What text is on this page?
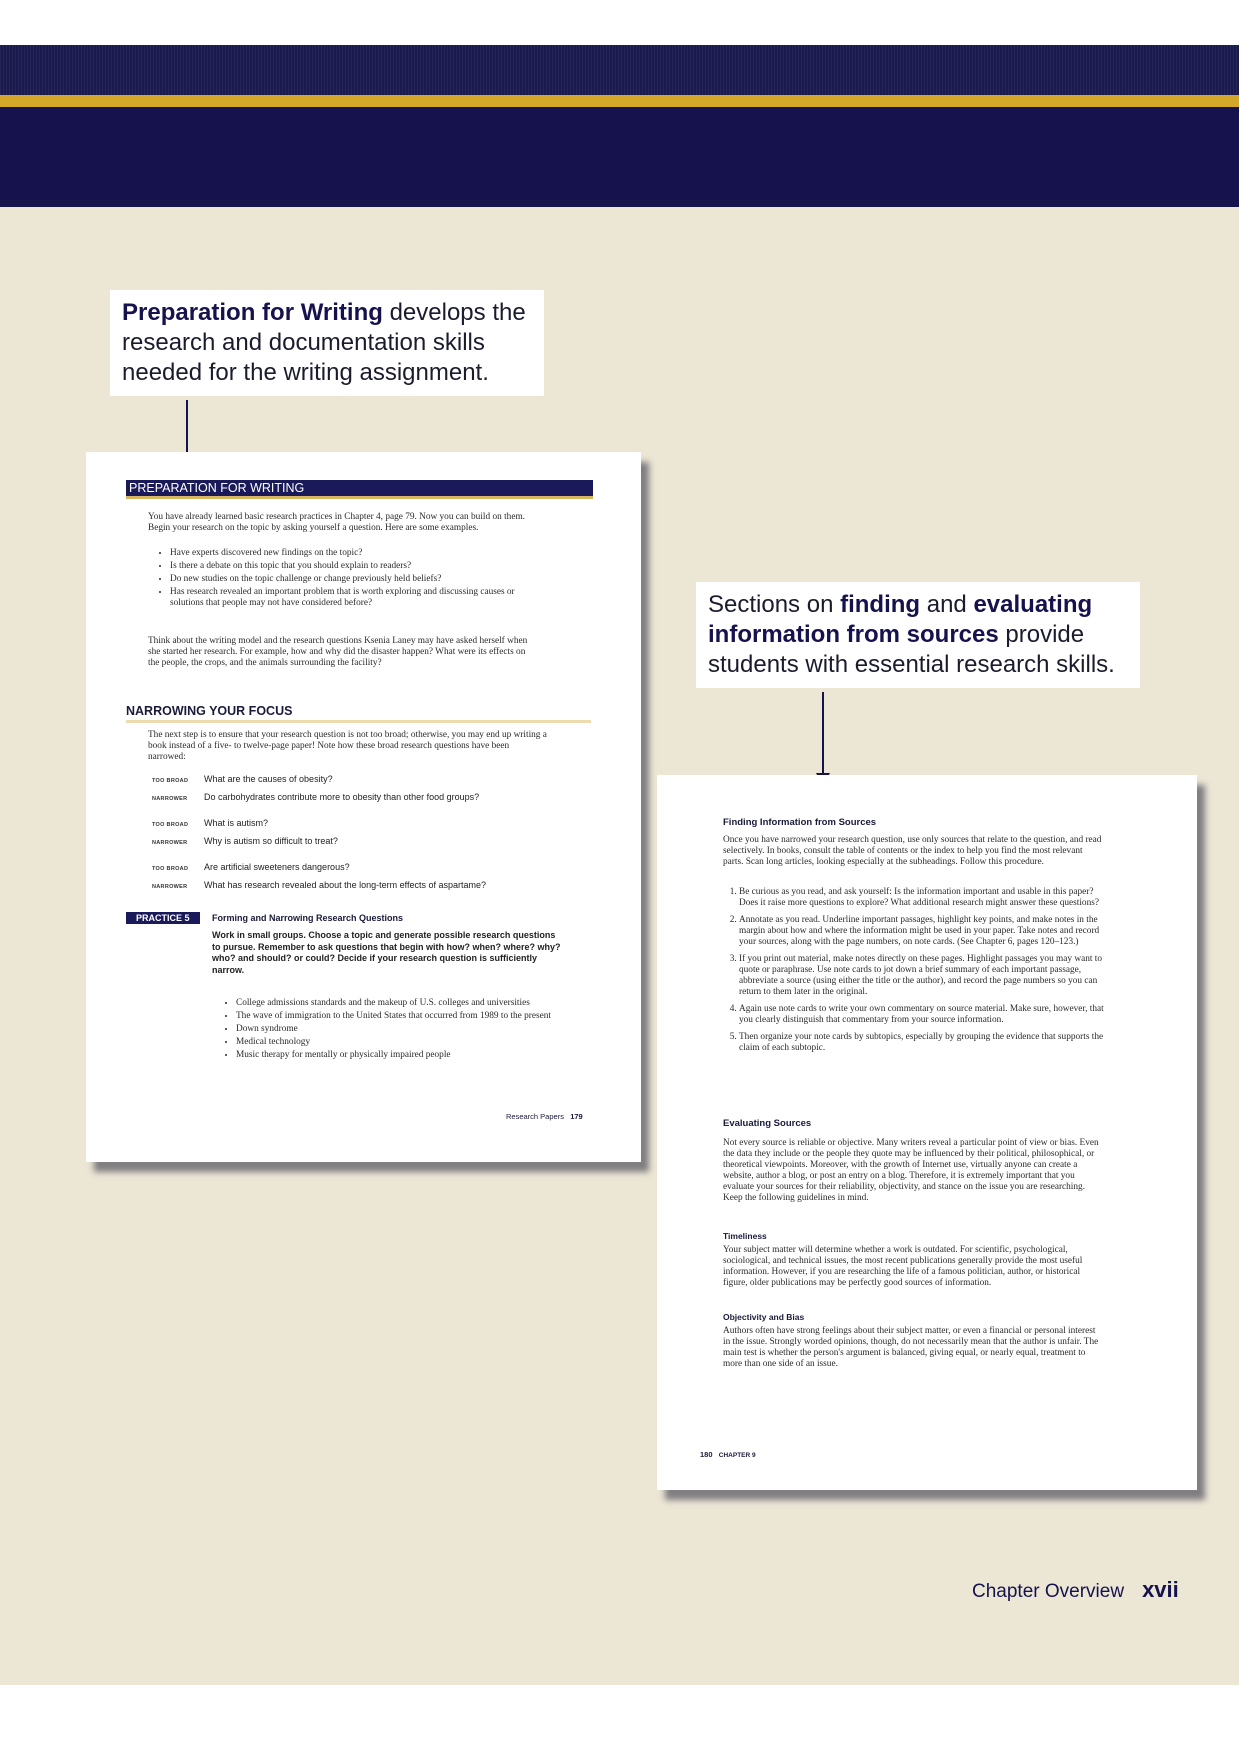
Preparation for Writing develops the
research and documentation skills
needed for the writing assignment.
Sections on finding and evaluating
information from sources provide
students with essential research skills.
PREPARATION FOR WRITING
You have already learned basic research practices in Chapter 4, page 79. Now you can build on them. Begin your research on the topic by asking yourself a question. Here are some examples.
• Have experts discovered new findings on the topic?
• Is there a debate on this topic that you should explain to readers?
• Do new studies on the topic challenge or change previously held beliefs?
• Has research revealed an important problem that is worth exploring and discussing causes or solutions that people may not have considered before?
Think about the writing model and the research questions Ksenia Laney may have asked herself when she started her research. For example, how and why did the disaster happen? What were its effects on the people, the crops, and the animals surrounding the facility?
NARROWING YOUR FOCUS
The next step is to ensure that your research question is not too broad; otherwise, you may end up writing a book instead of a five- to twelve-page paper! Note how these broad research questions have been narrowed:
TOO BROAD What are the causes of obesity?
NARROWER Do carbohydrates contribute more to obesity than other food groups?
TOO BROAD What is autism?
NARROWER Why is autism so difficult to treat?
TOO BROAD Are artificial sweeteners dangerous?
NARROWER What has research revealed about the long-term effects of aspartame?
PRACTICE 5	Forming and Narrowing Research Questions
Work in small groups. Choose a topic and generate possible research questions to pursue. Remember to ask questions that begin with how? when? where? why? who? and should? or could? Decide if your research question is sufficiently narrow.
• College admissions standards and the makeup of U.S. colleges and universities
• The wave of immigration to the United States that occurred from 1989 to the present
• Down syndrome
• Medical technology
• Music therapy for mentally or physically impaired people
Research Papers 179
Finding Information from Sources
Once you have narrowed your research question, use only sources that relate to the question, and read selectively. In books, consult the table of contents or the index to help you find the most relevant parts. Scan long articles, looking especially at the subheadings. Follow this procedure.
1. Be curious as you read, and ask yourself: Is the information important and usable in this paper? Does it raise more questions to explore? What additional research might answer these questions?
2. Annotate as you read. Underline important passages, highlight key points, and make notes in the margin about how and where the information might be used in your paper. Take notes and record your sources, along with the page numbers, on note cards. (See Chapter 6, pages 120–123.)
3. If you print out material, make notes directly on these pages. Highlight passages you may want to quote or paraphrase. Use note cards to jot down a brief summary of each important passage, abbreviate a source (using either the title or the author), and record the page numbers so you can return to them later in the original.
4. Again use note cards to write your own commentary on source material. Make sure, however, that you clearly distinguish that commentary from your source information.
5. Then organize your note cards by subtopics, especially by grouping the evidence that supports the claim of each subtopic.
Evaluating Sources
Not every source is reliable or objective. Many writers reveal a particular point of view or bias. Even the data they include or the people they quote may be influenced by their political, philosophical, or theoretical viewpoints. Moreover, with the growth of Internet use, virtually anyone can create a website, author a blog, or post an entry on a blog. Therefore, it is extremely important that you evaluate your sources for their reliability, objectivity, and stance on the issue you are researching. Keep the following guidelines in mind.
Timeliness
Your subject matter will determine whether a work is outdated. For scientific, psychological, sociological, and technical issues, the most recent publications generally provide the most useful information. However, if you are researching the life of a famous politician, author, or historical figure, older publications may be perfectly good sources of information.
Objectivity and Bias
Authors often have strong feelings about their subject matter, or even a financial or personal interest in the issue. Strongly worded opinions, though, do not necessarily mean that the author is unfair. The main test is whether the person's argument is balanced, giving equal, or nearly equal, treatment to more than one side of an issue.
180 CHAPTER 9
Chapter Overview xvii
